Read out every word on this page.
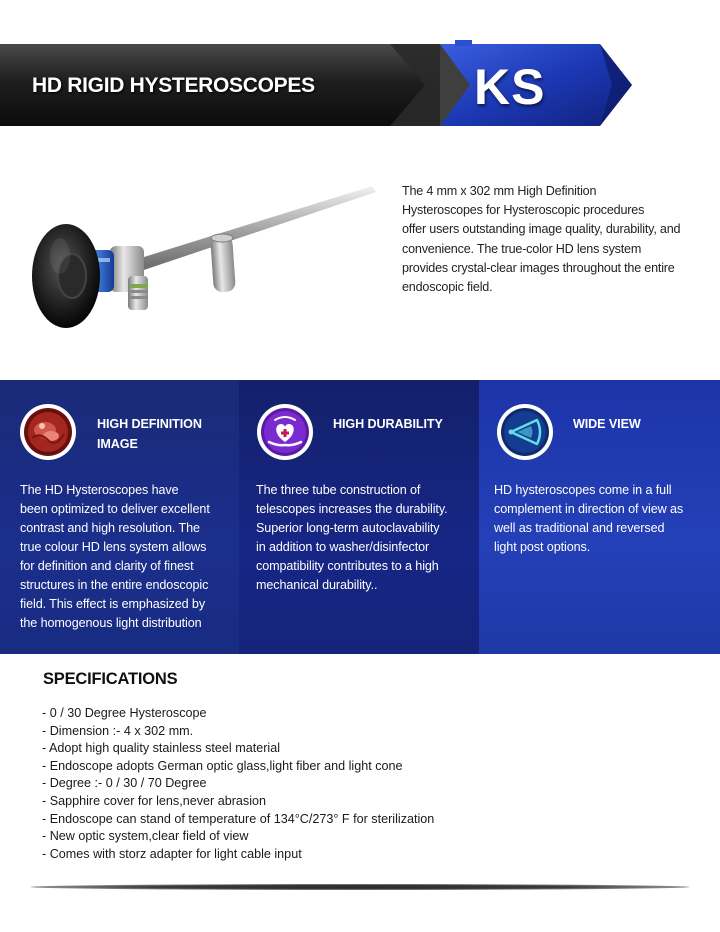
HD RIGID HYSTEROSCOPES	KS
The 4 mm x 302 mm High Definition
Hysteroscopes for Hysteroscopic procedures
offer users outstanding image quality, durability, and
convenience. The true-color HD lens system
provides crystal-clear images throughout the entire
endoscopic field.
HIGH DEFINITION
IMAGE
The HD Hysteroscopes have
been optimized to deliver excellent
contrast and high resolution. The
true colour HD lens system allows
for definition and clarity of finest
structures in the entire endoscopic
field. This effect is emphasized by
the homogenous light distribution
HIGH DURABILITY
The three tube construction of
telescopes increases the durability.
Superior long-term autoclavability
in addition to washer/disinfector
compatibility contributes to a high
mechanical durability..
WIDE VIEW
HD hysteroscopes come in a full
complement in direction of view as
well as traditional and reversed
light post options.
SPECIFICATIONS
- 0 / 30 Degree Hysteroscope
- Dimension :- 4 x 302 mm.
- Adopt high quality stainless steel material
- Endoscope adopts German optic glass,light fiber and light cone
- Degree :- 0 / 30 / 70 Degree
- Sapphire cover for lens,never abrasion
- Endoscope can stand of temperature of 134°C/273° F for sterilization
- New optic system,clear field of view
- Comes with storz adapter for light cable input
